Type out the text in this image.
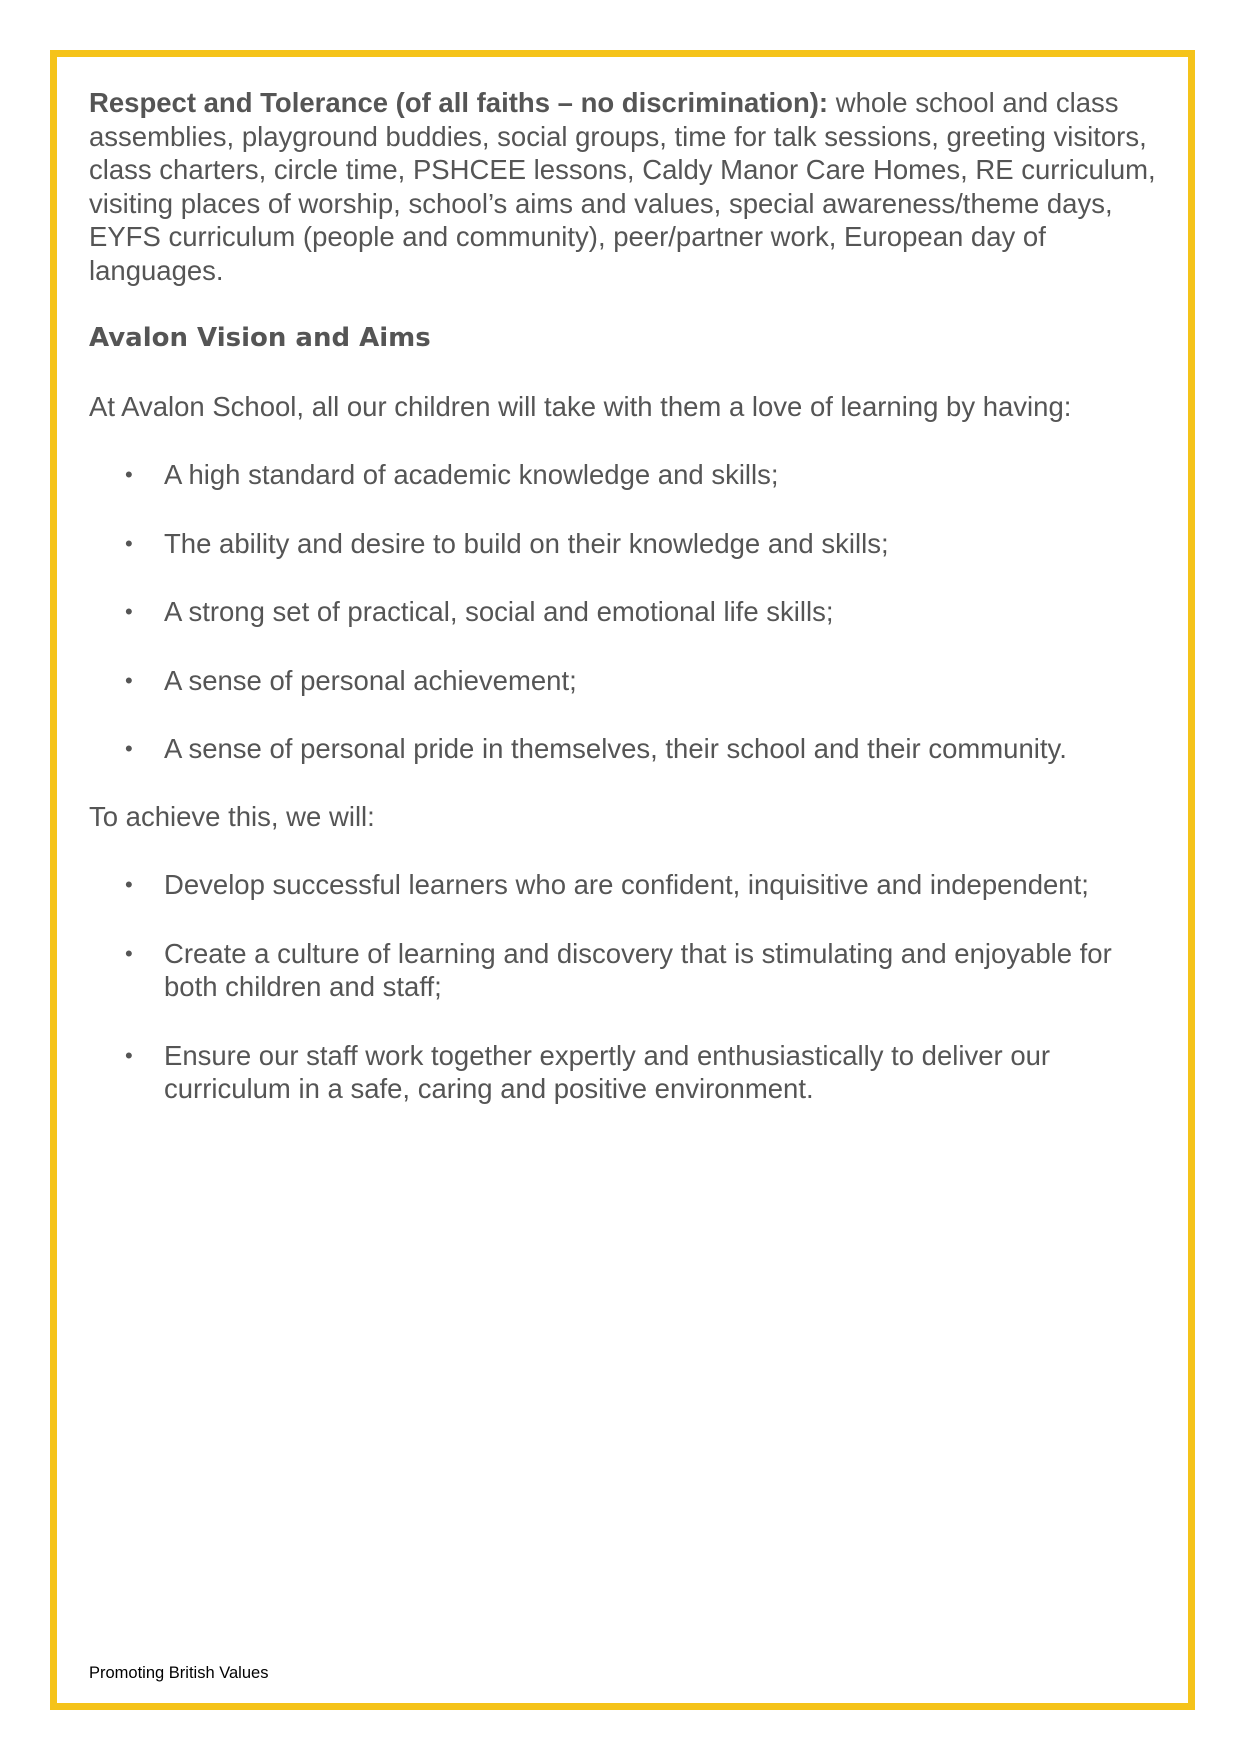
Respect and Tolerance (of all faiths – no discrimination): whole school and class assemblies, playground buddies, social groups, time for talk sessions, greeting visitors, class charters, circle time, PSHCEE lessons, Caldy Manor Care Homes, RE curriculum, visiting places of worship, school’s aims and values, special awareness/theme days, EYFS curriculum (people and community), peer/partner work, European day of languages.

Avalon Vision and Aims

At Avalon School, all our children will take with them a love of learning by having:

• A high standard of academic knowledge and skills;
• The ability and desire to build on their knowledge and skills;
• A strong set of practical, social and emotional life skills;
• A sense of personal achievement;
• A sense of personal pride in themselves, their school and their community.

To achieve this, we will:

• Develop successful learners who are confident, inquisitive and independent;
• Create a culture of learning and discovery that is stimulating and enjoyable for both children and staff;
• Ensure our staff work together expertly and enthusiastically to deliver our curriculum in a safe, caring and positive environment.
Promoting British Values
